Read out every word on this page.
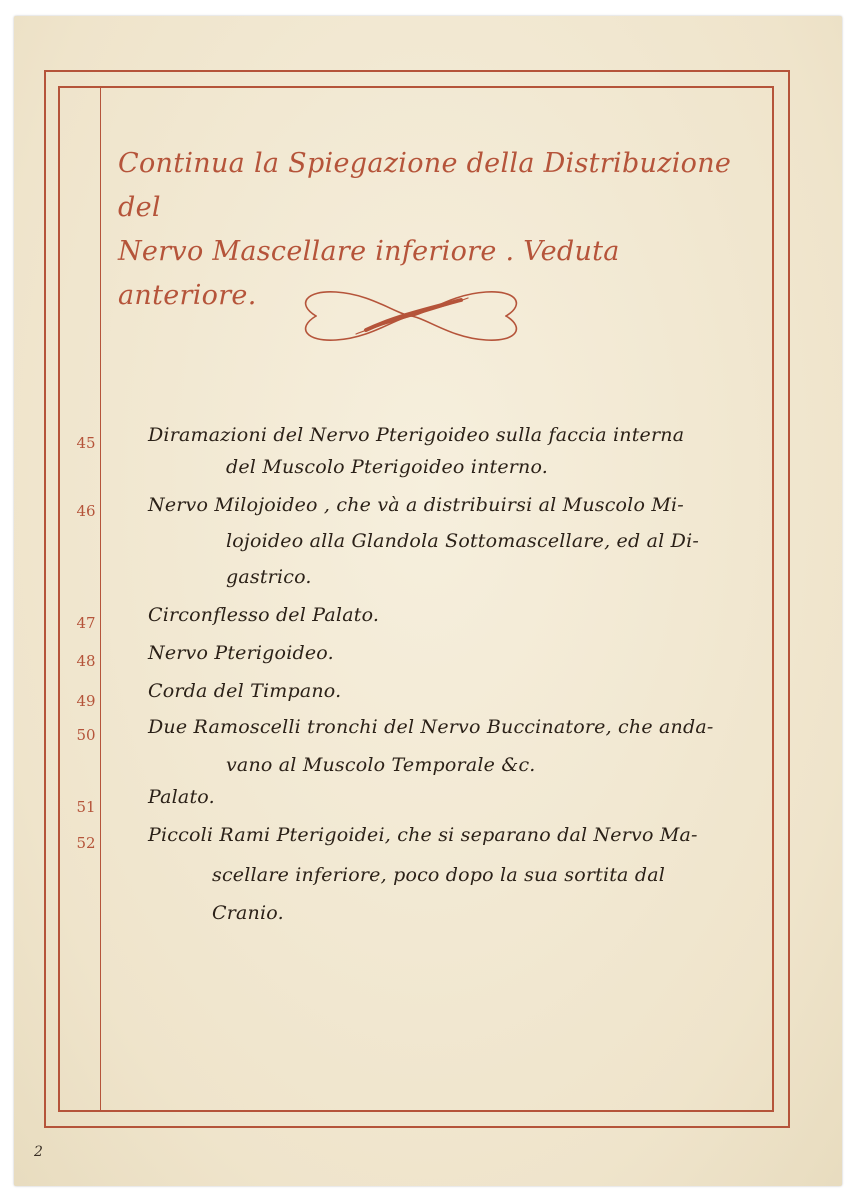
Continua la Spiegazione della Distribuzione del
Nervo Mascellare inferiore . Veduta anteriore.
45	Diramazioni del Nervo Pterigoideo sulla faccia interna
del Muscolo Pterigoideo interno.
46	Nervo Milojoideo , che và a distribuirsi al Muscolo Mi-
lojoideo alla Glandola Sottomascellare, ed al Di-
gastrico.
47	Circonflesso del Palato.
48	Nervo Pterigoideo.
49	Corda del Timpano.
50	Due Ramoscelli tronchi del Nervo Buccinatore, che anda-
vano al Muscolo Temporale &c.
51	Palato.
52	Piccoli Rami Pterigoidei, che si separano dal Nervo Ma-
scellare inferiore, poco dopo la sua sortita dal
Cranio.
2
